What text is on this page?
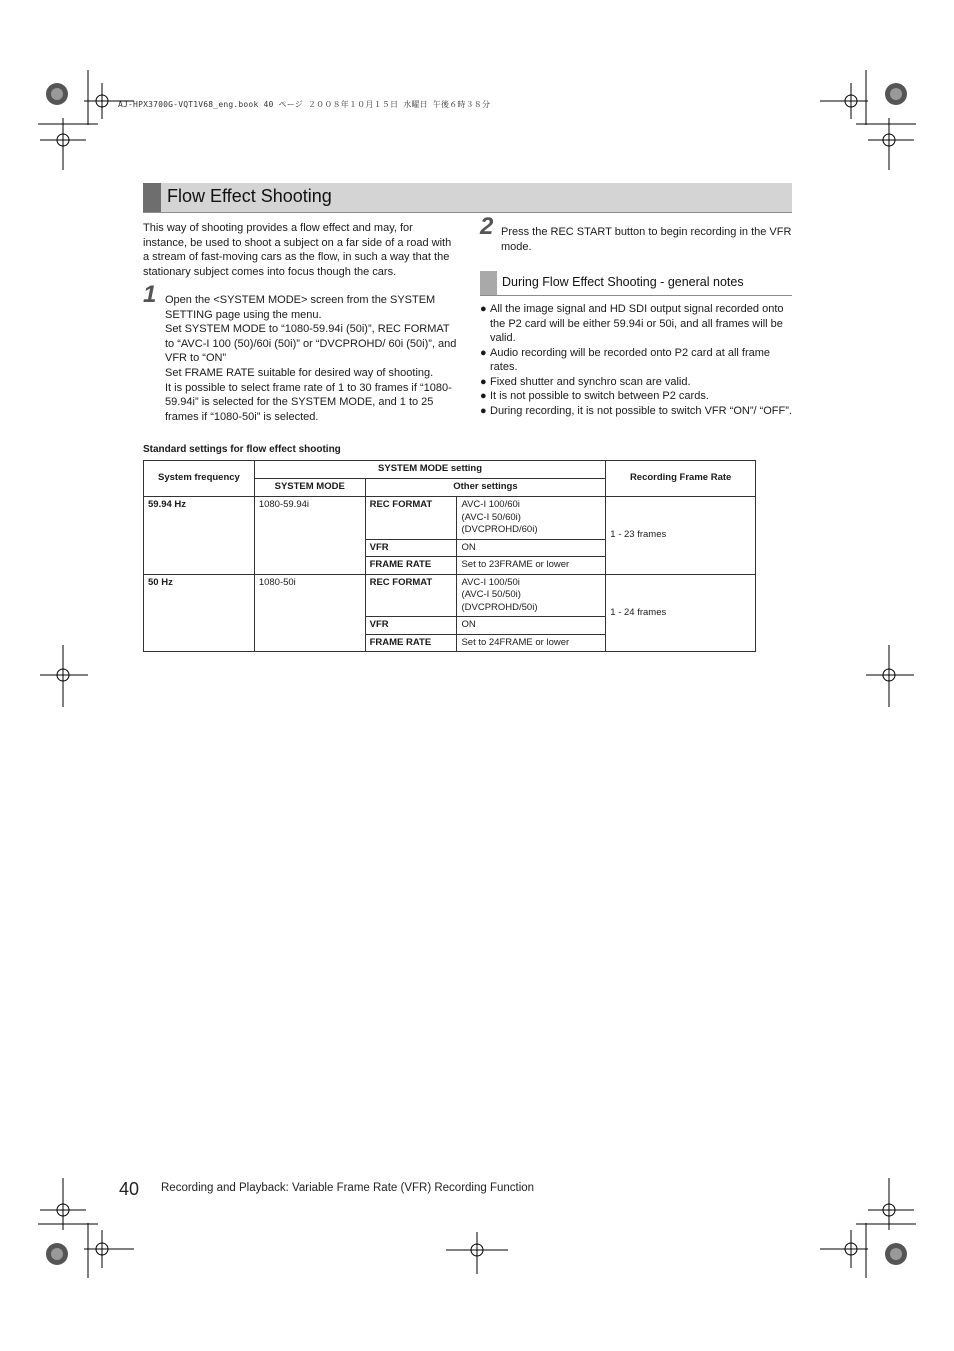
AJ-HPX3700G-VQT1V68_eng.book 40 ページ ２００８年１０月１５日 水曜日 午後６時３８分
Flow Effect Shooting
This way of shooting provides a flow effect and may, for instance, be used to shoot a subject on a far side of a road with a stream of fast-moving cars as the flow, in such a way that the stationary subject comes into focus though the cars.
1 Open the <SYSTEM MODE> screen from the SYSTEM SETTING page using the menu.
Set SYSTEM MODE to “1080-59.94i (50i)”, REC FORMAT to “AVC-I 100 (50)/60i (50i)” or “DVCPROHD/ 60i (50i)”, and VFR to “ON”
Set FRAME RATE suitable for desired way of shooting.
It is possible to select frame rate of 1 to 30 frames if “1080-59.94i” is selected for the SYSTEM MODE, and 1 to 25 frames if “1080-50i” is selected.
2 Press the REC START button to begin recording in the VFR mode.
During Flow Effect Shooting - general notes
● All the image signal and HD SDI output signal recorded onto the P2 card will be either 59.94i or 50i, and all frames will be valid.
● Audio recording will be recorded onto P2 card at all frame rates.
● Fixed shutter and synchro scan are valid.
● It is not possible to switch between P2 cards.
● During recording, it is not possible to switch VFR “ON”/ “OFF”.
Standard settings for flow effect shooting
System frequency	SYSTEM MODE setting			Recording Frame Rate
	SYSTEM MODE	Other settings		
59.94 Hz	1080-59.94i	REC FORMAT	AVC-I 100/60i
(AVC-I 50/60i)
(DVCPROHD/60i)	1 - 23 frames
		VFR	ON	
		FRAME RATE	Set to 23FRAME or lower	
50 Hz	1080-50i	REC FORMAT	AVC-I 100/50i
(AVC-I 50/50i)
(DVCPROHD/50i)	1 - 24 frames
		VFR	ON	
		FRAME RATE	Set to 24FRAME or lower	
40 Recording and Playback: Variable Frame Rate (VFR) Recording Function
